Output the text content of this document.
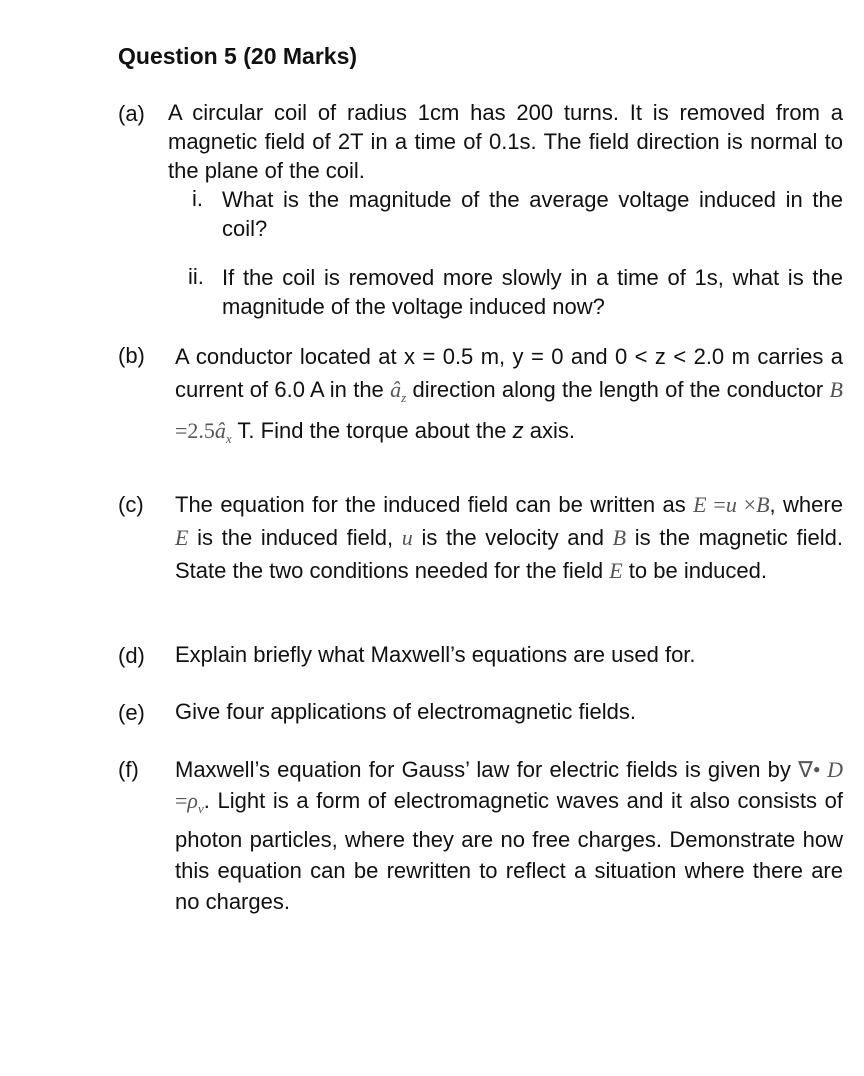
Question 5 (20 Marks)
(a) A circular coil of radius 1cm has 200 turns. It is removed from a magnetic field of 2T in a time of 0.1s. The field direction is normal to the plane of the coil.
i. What is the magnitude of the average voltage induced in the coil?
ii. If the coil is removed more slowly in a time of 1s, what is the magnitude of the voltage induced now?
(b) A conductor located at x = 0.5 m, y = 0 and 0 < z < 2.0 m carries a current of 6.0 A in the $â_z$ direction along the length of the conductor $B =2.5â_x$ T. Find the torque about the z axis.
(c) The equation for the induced field can be written as E =u ×B, where E is the induced field, u is the velocity and B is the magnetic field. State the two conditions needed for the field E to be induced.
(d) Explain briefly what Maxwell’s equations are used for.
(e) Give four applications of electromagnetic fields.
(f) Maxwell’s equation for Gauss’ law for electric fields is given by ∇• $D =\rho_v$. Light is a form of electromagnetic waves and it also consists of photon particles, where they are no free charges. Demonstrate how this equation can be rewritten to reflect a situation where there are no charges.
